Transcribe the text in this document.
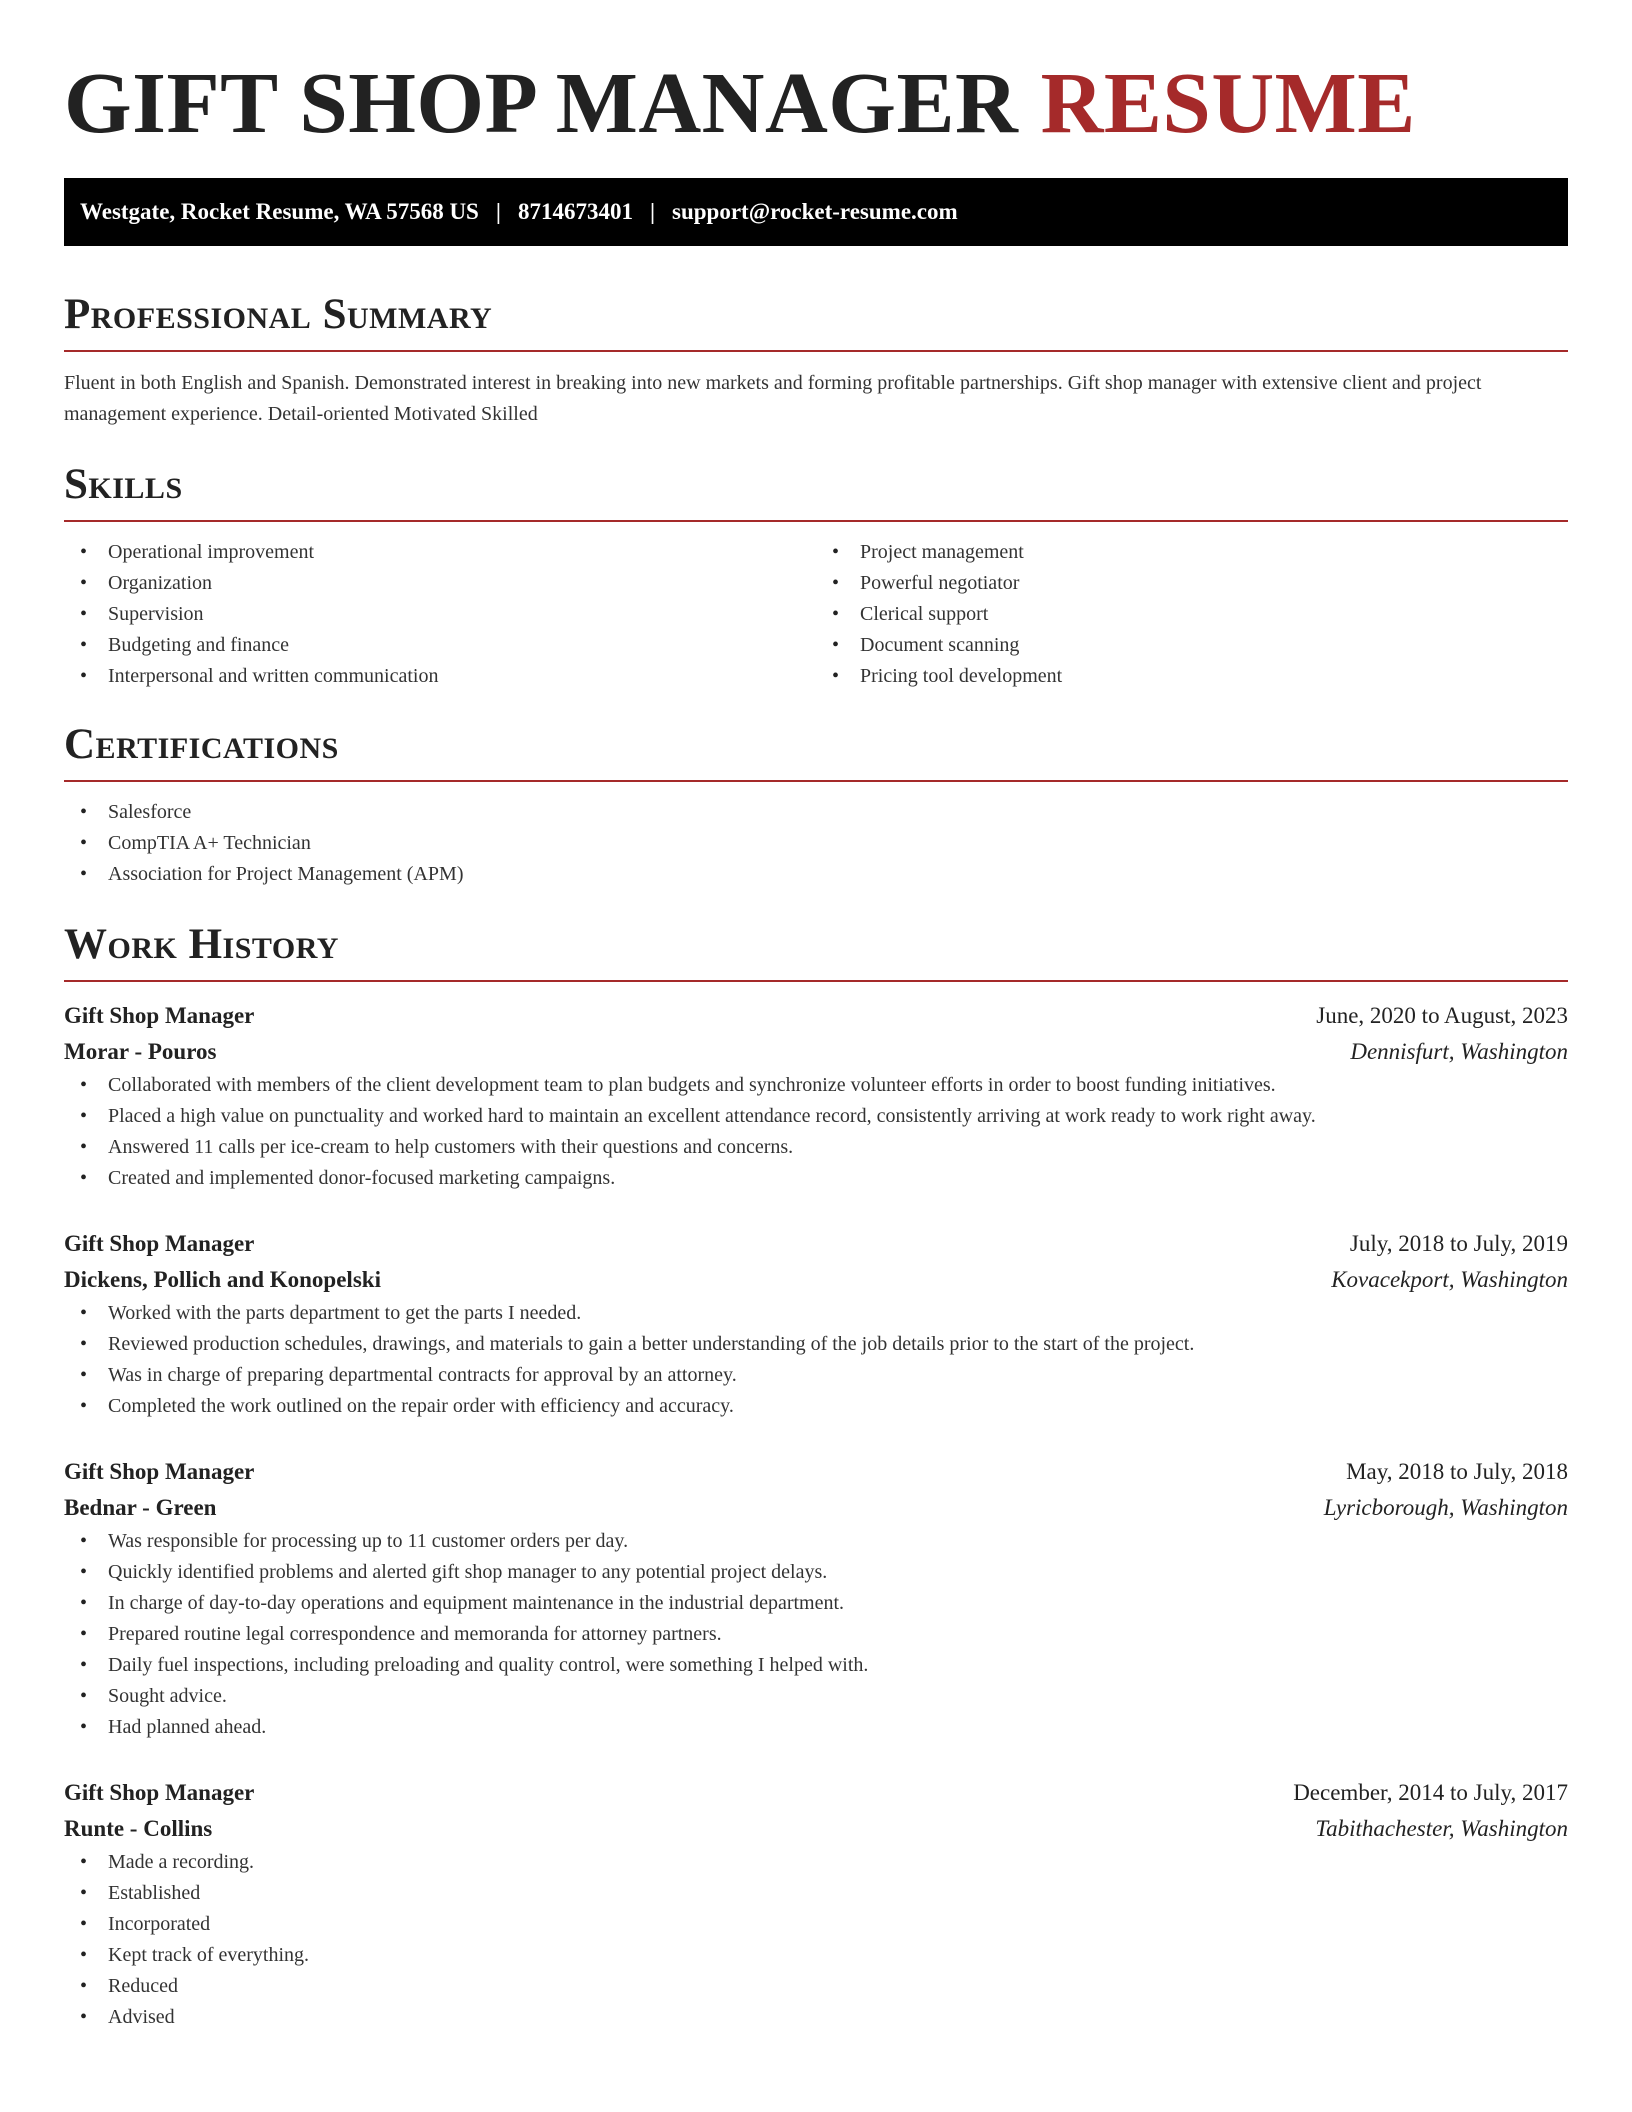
GIFT SHOP MANAGER RESUME
Westgate, Rocket Resume, WA 57568 US | 8714673401 | support@rocket-resume.com
Professional Summary

Fluent in both English and Spanish. Demonstrated interest in breaking into new markets and forming profitable partnerships. Gift shop manager with extensive client and project management experience. Detail-oriented Motivated Skilled

Skills
• Operational improvement
• Organization
• Supervision
• Budgeting and finance
• Interpersonal and written communication
• Project management
• Powerful negotiator
• Clerical support
• Document scanning
• Pricing tool development
Certifications
• Salesforce
• CompTIA A+ Technician
• Association for Project Management (APM)
Work History
Gift Shop Manager	June, 2020 to August, 2023
Morar - Pouros	Dennisfurt, Washington
• Collaborated with members of the client development team to plan budgets and synchronize volunteer efforts in order to boost funding initiatives.
• Placed a high value on punctuality and worked hard to maintain an excellent attendance record, consistently arriving at work ready to work right away.
• Answered 11 calls per ice-cream to help customers with their questions and concerns.
• Created and implemented donor-focused marketing campaigns.
Gift Shop Manager	July, 2018 to July, 2019
Dickens, Pollich and Konopelski	Kovacekport, Washington
• Worked with the parts department to get the parts I needed.
• Reviewed production schedules, drawings, and materials to gain a better understanding of the job details prior to the start of the project.
• Was in charge of preparing departmental contracts for approval by an attorney.
• Completed the work outlined on the repair order with efficiency and accuracy.
Gift Shop Manager	May, 2018 to July, 2018
Bednar - Green	Lyricborough, Washington
• Was responsible for processing up to 11 customer orders per day.
• Quickly identified problems and alerted gift shop manager to any potential project delays.
• In charge of day-to-day operations and equipment maintenance in the industrial department.
• Prepared routine legal correspondence and memoranda for attorney partners.
• Daily fuel inspections, including preloading and quality control, were something I helped with.
• Sought advice.
• Had planned ahead.
Gift Shop Manager	December, 2014 to July, 2017
Runte - Collins	Tabithachester, Washington
• Made a recording.
• Established
• Incorporated
• Kept track of everything.
• Reduced
• Advised
